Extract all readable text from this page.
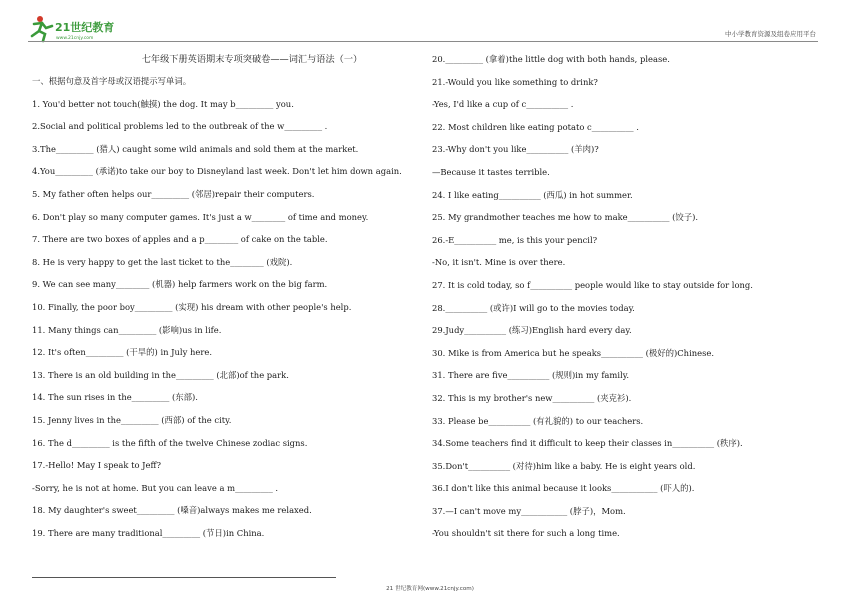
21世纪教育
www.21cnjy.com
中小学教育资源及组卷应用平台
七年级下册英语期末专项突破卷——词汇与语法（一）
一、根据句意及首字母或汉语提示写单词。
1. You'd better not touch(触摸) the dog. It may b_________ you.
2.Social and political problems led to the outbreak of the w_________ .
3.The_________ (猎人) caught some wild animals and sold them at the market.
4.You_________ (承诺)to take our boy to Disneyland last week. Don't let him down again.
5. My father often helps our_________ (邻居)repair their computers.
6. Don't play so many computer games. It's just a w________ of time and money.
7. There are two boxes of apples and a p________ of cake on the table.
8. He is very happy to get the last ticket to the________ (戏院).
9. We can see many________ (机器) help farmers work on the big farm.
10. Finally, the poor boy_________ (实现) his dream with other people's help.
11. Many things can_________ (影响)us in life.
12. It's often_________ (干旱的) in July here.
13. There is an old building in the_________ (北部)of the park.
14. The sun rises in the_________ (东部).
15. Jenny lives in the_________ (西部) of the city.
16. The d_________ is the fifth of the twelve Chinese zodiac signs.
17.-Hello! May I speak to Jeff?
-Sorry, he is not at home. But you can leave a m_________ .
18. My daughter's sweet_________ (嗓音)always makes me relaxed.
19. There are many traditional_________ (节日)in China.
20._________ (拿着)the little dog with both hands, please.
21.-Would you like something to drink?
-Yes, I'd like a cup of c__________ .
22. Most children like eating potato c__________ .
23.-Why don't you like__________ (羊肉)?
—Because it tastes terrible.
24. I like eating__________ (西瓜) in hot summer.
25. My grandmother teaches me how to make__________ (饺子).
26.-E__________ me, is this your pencil?
-No, it isn't. Mine is over there.
27. It is cold today, so f__________ people would like to stay outside for long.
28.__________ (或许)I will go to the movies today.
29.Judy__________ (练习)English hard every day.
30. Mike is from America but he speaks__________ (极好的)Chinese.
31. There are five__________ (规则)in my family.
32. This is my brother's new__________ (夹克衫).
33. Please be__________ (有礼貌的) to our teachers.
34.Some teachers find it difficult to keep their classes in__________ (秩序).
35.Don't__________ (对待)him like a baby. He is eight years old.
36.I don't like this animal because it looks___________ (吓人的).
37.—I can't move my___________ (脖子)，Mom.
-You shouldn't sit there for such a long time.
21 世纪教育网(www.21cnjy.com)
